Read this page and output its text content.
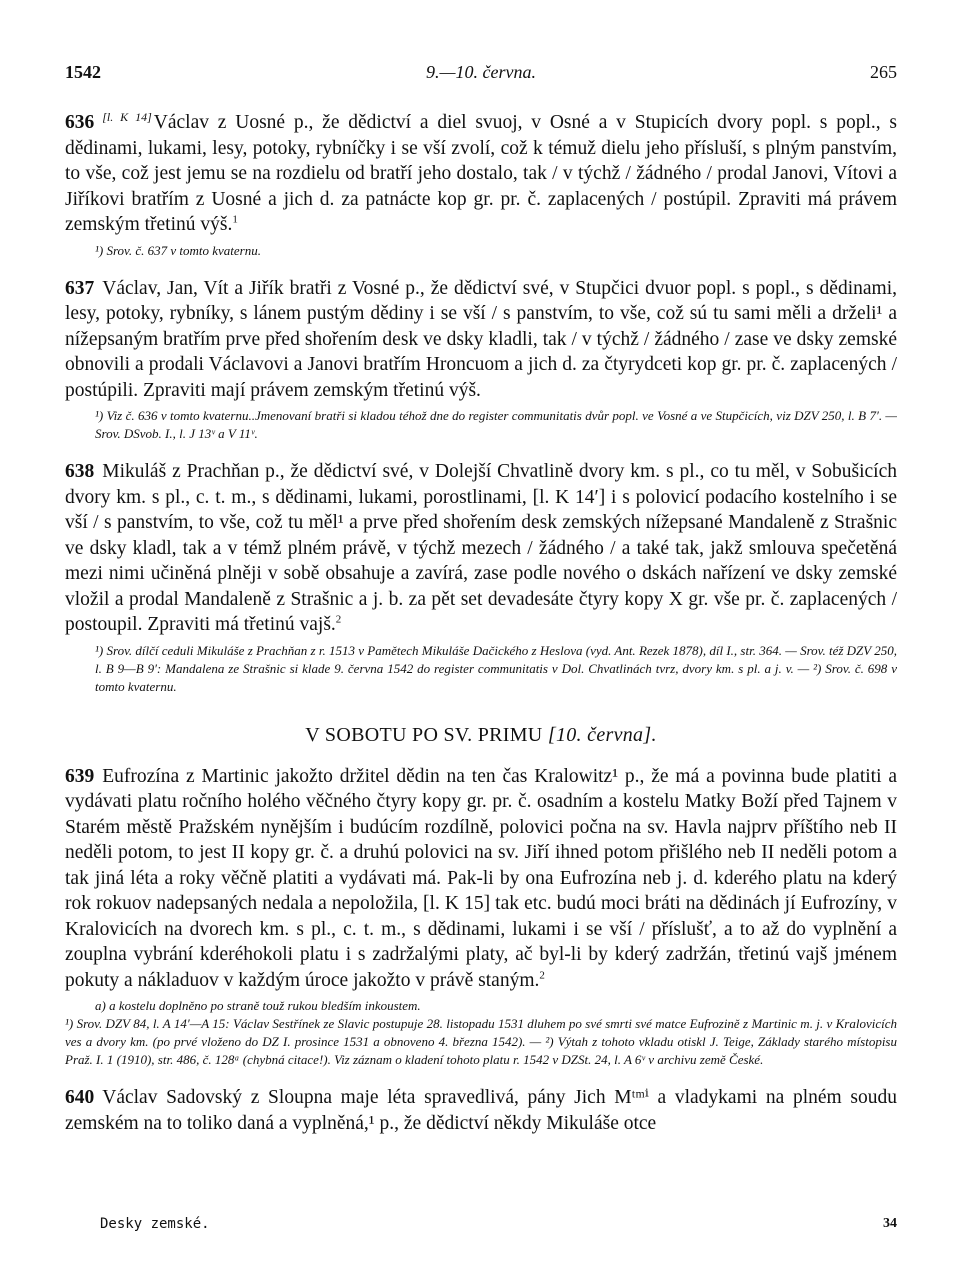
1542	9.—10. června.	265

636 [l. K 14] Václav z Uosné p., že dědictví a diel svuoj, v Osné a v Stupicích dvory popl. s popl., s dědinami, lukami, lesy, potoky, rybníčky i se vší zvolí, což k témuž dielu jeho přísluší, s plným panstvím, to vše, což jest jemu se na rozdielu od bratří jeho dostalo, tak / v týchž / žádného / prodal Janovi, Vítovi a Jiříkovi bratřím z Uosné a jich d. za patnácte kop gr. pr. č. zaplacených / postúpil. Zpraviti má právem zemským třetinú výš.$^1$

¹) Srov. č. 637 v tomto kvaternu.

637 Václav, Jan, Vít a Jiřík bratři z Vosné p., že dědictví své, v Stupčici dvuor popl. s popl., s dědinami, lesy, potoky, rybníky, s lánem pustým dědiny i se vší / s panstvím, to vše, což sú tu sami měli a drželi¹ a nížepsaným bratřím prve před shořením desk ve dsky kladli, tak / v týchž / žádného / zase ve dsky zemské obnovili a prodali Václavovi a Janovi bratřím Hroncuom a jich d. za čtyrydceti kop gr. pr. č. zaplacených / postúpili. Zpraviti mají právem zemským třetinú výš.

¹) Viz č. 636 v tomto kvaternu..Jmenovaní bratři si kladou téhož dne do register communitatis dvůr popl. ve Vosné a ve Stupčicích, viz DZV 250, l. B 7′. — Srov. DSvob. I., l. J 13ᵛ a V 11ᵛ.

638 Mikuláš z Prachňan p., že dědictví své, v Dolejší Chvatlině dvory km. s pl., co tu měl, v Sobušicích dvory km. s pl., c. t. m., s dědinami, lukami, porostlinami, [l. K 14′] i s polovicí podacího kostelního i se vší / s panstvím, to vše, což tu měl¹ a prve před shořením desk zemských nížepsané Mandaleně z Strašnic ve dsky kladl, tak a v témž plném právě, v týchž mezech / žádného / a také tak, jakž smlouva spečetěná mezi nimi učiněná plněji v sobě obsahuje a zavírá, zase podle nového o dskách nařízení ve dsky zemské vložil a prodal Mandaleně z Strašnic a j. b. za pět set devadesáte čtyry kopy X gr. vše pr. č. zaplacených / postoupil. Zpraviti má třetinú vajš.$^2$

¹) Srov. dílčí ceduli Mikuláše z Prachňan z r. 1513 v Pamětech Mikuláše Dačického z Heslova (vyd. Ant. Rezek 1878), díl I., str. 364. — Srov. též DZV 250, l. B 9—B 9′: Mandalena ze Strašnic si klade 9. června 1542 do register communitatis v Dol. Chvatlinách tvrz, dvory km. s pl. a j. v. — ²) Srov. č. 698 v tomto kvaternu.

V SOBOTU PO SV. PRIMU [10. června].

639 Eufrozína z Martinic jakožto držitel dědin na ten čas Kralowitz¹ p., že má a povinna bude platiti a vydávati platu ročního holého věčného čtyry kopy gr. pr. č. osadním a kostelu Matky Boží před Tajnem v Starém městě Pražském nynějším i budúcím rozdílně, polovici počna na sv. Havla najprv příštího neb II neděli potom, to jest II kopy gr. č. a druhú polovici na sv. Jiří ihned potom přišlého neb II neděli potom a tak jiná léta a roky věčně platiti a vydávati má. Pak-li by ona Eufrozína neb j. d. kderého platu na kderý rok rokuov nadepsaných nedala a nepoložila, [l. K 15] tak etc. budú moci bráti na dědinách jí Eufrozíny, v Kralovicích na dvorech km. s pl., c. t. m., s dědinami, lukami i se vší / příslušť, a to až do vyplnění a zouplna vybrání kderéhokoli platu i s zadržalými platy, ač byl-li by kderý zadržán, třetinú vajš jménem pokuty a nákladuov v každým úroce jakožto v právě staným.$^2$

a) a kostelu doplněno po straně touž rukou bledším inkoustem.

¹) Srov. DZV 84, l. A 14′—A 15: Václav Sestřínek ze Slavic postupuje 28. listopadu 1531 dluhem po své smrti své matce Eufrozině z Martinic m. j. v Kralovicích ves a dvory km. (po prvé vloženo do DZ I. prosince 1531 a obnoveno 4. března 1542). — ²) Výtah z tohoto vkladu otiskl J. Teige, Základy starého místopisu Praž. I. 1 (1910), str. 486, č. 128ᵃ (chybná citace!). Viz záznam o kladení tohoto platu r. 1542 v DZSt. 24, l. A 6ᵛ v archivu země České.

640 Václav Sadovský z Sloupna maje léta spravedlivá, pány Jich Mᵗᵐⁱ a vladykami na plném soudu zemském na to toliko daná a vyplněná,¹ p., že dědictví někdy Mikuláše otce

Desky zemské.	34
